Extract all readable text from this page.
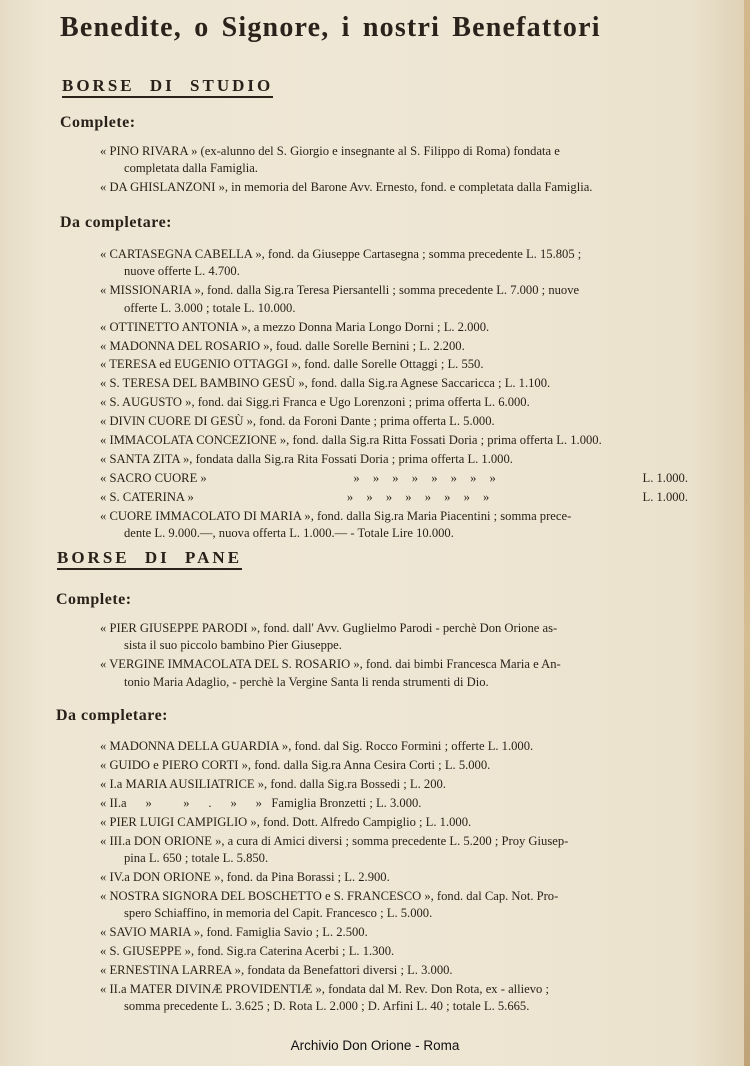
Benedite, o Signore, i nostri Benefattori
BORSE DI STUDIO
Complete:
« PINO RIVARA » (ex-alunno del S. Giorgio e insegnante al S. Filippo di Roma) fondata e
completata dalla Famiglia.
« DA GHISLANZONI », in memoria del Barone Avv. Ernesto, fond. e completata dalla Famiglia.
Da completare:
« CARTASEGNA CABELLA », fond. da Giuseppe Cartasegna ; somma precedente L. 15.805 ;
nuove offerte L. 4.700.
« MISSIONARIA », fond. dalla Sig.ra Teresa Piersantelli ; somma precedente L. 7.000 ; nuove
offerte L. 3.000 ; totale L. 10.000.
« OTTINETTO ANTONIA », a mezzo Donna Maria Longo Dorni ; L. 2.000.
« MADONNA DEL ROSARIO », foud. dalle Sorelle Bernini ; L. 2.200.
« TERESA ed EUGENIO OTTAGGI », fond. dalle Sorelle Ottaggi ; L. 550.
« S. TERESA DEL BAMBINO GESÙ », fond. dalla Sig.ra Agnese Saccaricca ; L. 1.100.
« S. AUGUSTO », fond. dai Sigg.ri Franca e Ugo Lorenzoni ; prima offerta L. 6.000.
« DIVIN CUORE DI GESÙ », fond. da Foroni Dante ; prima offerta L. 5.000.
« IMMACOLATA CONCEZIONE », fond. dalla Sig.ra Ritta Fossati Doria ; prima offerta L. 1.000.
« SANTA ZITA », fondata dalla Sig.ra Rita Fossati Doria ; prima offerta L. 1.000.
« SACRO CUORE »	» » » » » » » »	L. 1.000.
« S. CATERINA »	» » » » » » » »	L. 1.000.
« CUORE IMMACOLATO DI MARIA », fond. dalla Sig.ra Maria Piacentini ; somma prece-
dente L. 9.000.—, nuova offerta L. 1.000.— - Totale Lire 10.000.
BORSE DI PANE
Complete:
« PIER GIUSEPPE PARODI », fond. dall' Avv. Guglielmo Parodi - perchè Don Orione as-
sista il suo piccolo bambino Pier Giuseppe.
« VERGINE IMMACOLATA DEL S. ROSARIO », fond. dai bimbi Francesca Maria e An-
tonio Maria Adaglio, - perchè la Vergine Santa li renda strumenti di Dio.
Da completare:
« MADONNA DELLA GUARDIA », fond. dal Sig. Rocco Formini ; offerte L. 1.000.
« GUIDO e PIERO CORTI », fond. dalla Sig.ra Anna Cesira Corti ; L. 5.000.
« I.a MARIA AUSILIATRICE », fond. dalla Sig.ra Bossedi ; L. 200.
« II.a      »          »      .      »      »   Famiglia Bronzetti ; L. 3.000.
« PIER LUIGI CAMPIGLIO », fond. Dott. Alfredo Campiglio ; L. 1.000.
« III.a DON ORIONE », a cura di Amici diversi ; somma precedente L. 5.200 ; Proy Giusep-
pina L. 650 ; totale L. 5.850.
« IV.a DON ORIONE », fond. da Pina Borassi ; L. 2.900.
« NOSTRA SIGNORA DEL BOSCHETTO e S. FRANCESCO », fond. dal Cap. Not. Pro-
spero Schiaffino, in memoria del Capit. Francesco ; L. 5.000.
« SAVIO MARIA », fond. Famiglia Savio ; L. 2.500.
« S. GIUSEPPE », fond. Sig.ra Caterina Acerbi ; L. 1.300.
« ERNESTINA LARREA », fondata da Benefattori diversi ; L. 3.000.
« II.a MATER DIVINÆ PROVIDENTIÆ », fondata dal M. Rev. Don Rota, ex - allievo ;
somma precedente L. 3.625 ; D. Rota L. 2.000 ; D. Arfini L. 40 ; totale L. 5.665.
Archivio Don Orione - Roma
